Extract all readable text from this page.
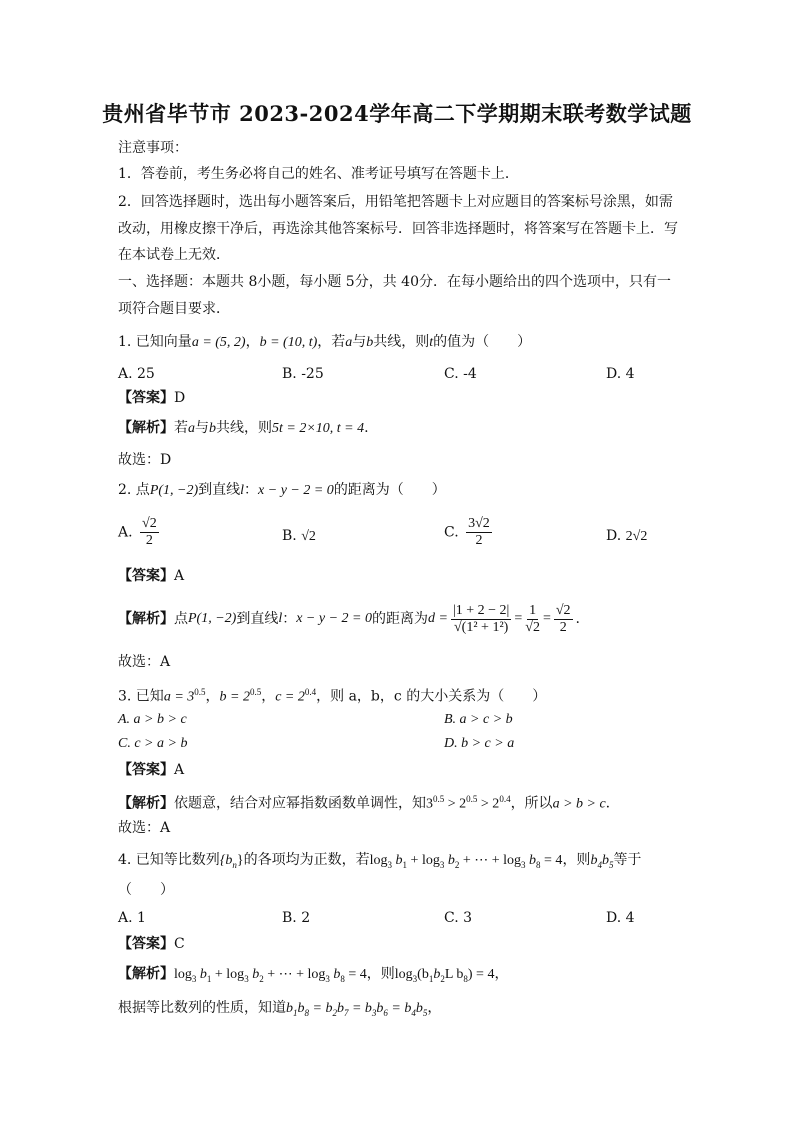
贵州省毕节市 2023-2024学年高二下学期期末联考数学试题
注意事项：
1．答卷前，考生务必将自己的姓名、准考证号填写在答题卡上．
2．回答选择题时，选出每小题答案后，用铅笔把答题卡上对应题目的答案标号涂黑，如需
改动，用橡皮擦干净后，再选涂其他答案标号．回答非选择题时，将答案写在答题卡上．写
在本试卷上无效．
一、选择题：本题共 8小题，每小题 5分，共 40分．在每小题给出的四个选项中，只有一
项符合题目要求．
1. 已知向量a = (5, 2)，b = (10, t)，若a与b共线，则t的值为（　　）
A. 25	B. -25	C. -4	D. 4
【答案】D
【解析】若a与b共线，则5t = 2×10, t = 4.
故选：D
2. 点P(1, −2)到直线l：x − y − 2 = 0的距离为（　　）
A. $\frac{√2}{2}$	B. √2	C. $\frac{3√2}{2}$	D. 2√2
【答案】A
【解析】 点 P(1, −2) 到直线 l ： x − y − 2 = 0 的距离为 $d = \frac{|1 + 2 - 2|}{\text{√(1² + 1²)}} = \frac{1}{√2} = \frac{√2}{2}$ .
故选：A
3. 已知$a = 3^{0.5}$，$b = 2^{0.5}$，$c = 2^{0.4}$，则 a，b，c 的大小关系为（　　）
A. a > b > c	B. a > c > b
C. c > a > b	D. b > c > a
【答案】A
【解析】依题意，结合对应幂指数函数单调性，知$3^{0.5} > 2^{0.5} > 2^{0.4}$，所以a > b > c.
故选：A
4. 已知等比数列$\{b_n\}$的各项均为正数，若$\log_3 b_1 + \log_3 b_2$ + ⋯ + $\log_3 b_8 = 4$，则$b_4b_5$等于
（　　）
A. 1	B. 2	C. 3	D. 4
【答案】C
【解析】$\log_3 b_1 + \log_3 b_2$ + ⋯ + $\log_3 b_8 = 4$，则$\log_3(b_1b_2L$ $b_8) = 4$，
根据等比数列的性质，知道$b_1b_8 = b_2b_7 = b_3b_6 = b_4b_5$，
